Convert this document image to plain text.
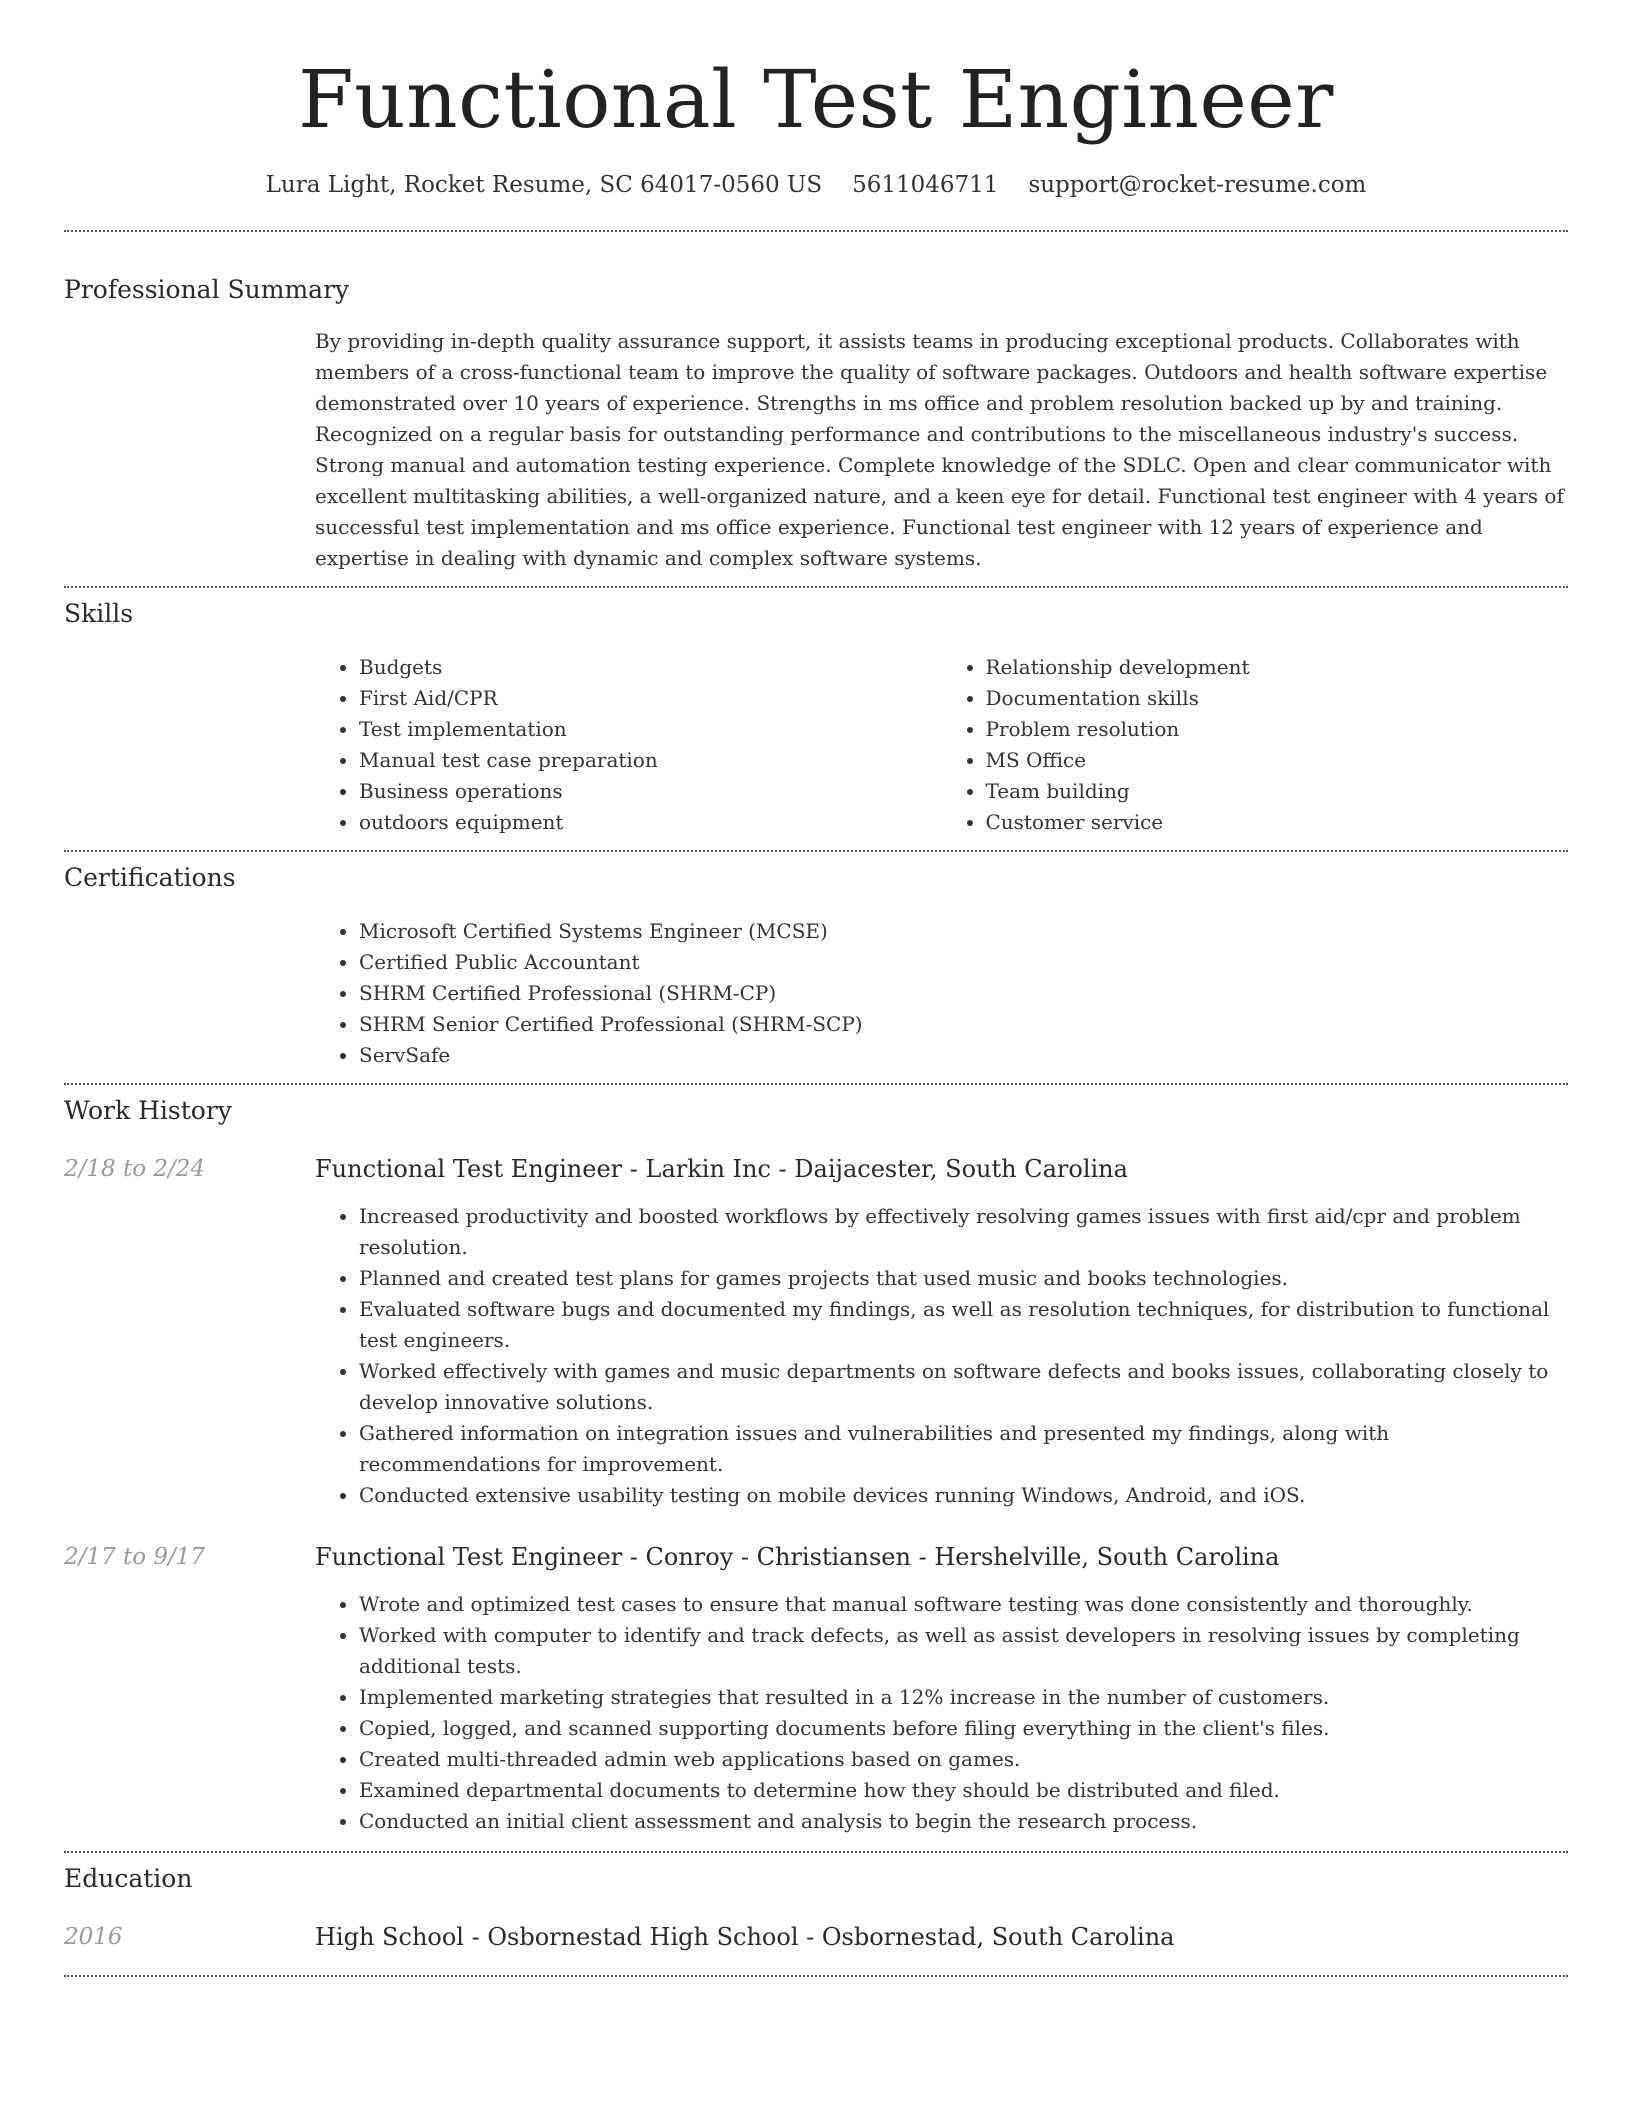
Functional Test Engineer
Lura Light, Rocket Resume, SC 64017-0560 US 5611046711 support@rocket-resume.com
Professional Summary

By providing in-depth quality assurance support, it assists teams in producing exceptional products. Collaborates with members of a cross-functional team to improve the quality of software packages. Outdoors and health software expertise demonstrated over 10 years of experience. Strengths in ms office and problem resolution backed up by and training. Recognized on a regular basis for outstanding performance and contributions to the miscellaneous industry's success. Strong manual and automation testing experience. Complete knowledge of the SDLC. Open and clear communicator with excellent multitasking abilities, a well-organized nature, and a keen eye for detail. Functional test engineer with 4 years of successful test implementation and ms office experience. Functional test engineer with 12 years of experience and expertise in dealing with dynamic and complex software systems.

Skills
• Budgets
• First Aid/CPR
• Test implementation
• Manual test case preparation
• Business operations
• outdoors equipment
• Relationship development
• Documentation skills
• Problem resolution
• MS Office
• Team building
• Customer service
Certifications
• Microsoft Certified Systems Engineer (MCSE)
• Certified Public Accountant
• SHRM Certified Professional (SHRM-CP)
• SHRM Senior Certified Professional (SHRM-SCP)
• ServSafe
Work History
2/18 to 2/24	Functional Test Engineer - Larkin Inc - Daijacester, South Carolina
• Increased productivity and boosted workflows by effectively resolving games issues with first aid/cpr and problem resolution.
• Planned and created test plans for games projects that used music and books technologies.
• Evaluated software bugs and documented my findings, as well as resolution techniques, for distribution to functional test engineers.
• Worked effectively with games and music departments on software defects and books issues, collaborating closely to develop innovative solutions.
• Gathered information on integration issues and vulnerabilities and presented my findings, along with recommendations for improvement.
• Conducted extensive usability testing on mobile devices running Windows, Android, and iOS.
2/17 to 9/17	Functional Test Engineer - Conroy - Christiansen - Hershelville, South Carolina
• Wrote and optimized test cases to ensure that manual software testing was done consistently and thoroughly.
• Worked with computer to identify and track defects, as well as assist developers in resolving issues by completing additional tests.
• Implemented marketing strategies that resulted in a 12% increase in the number of customers.
• Copied, logged, and scanned supporting documents before filing everything in the client's files.
• Created multi-threaded admin web applications based on games.
• Examined departmental documents to determine how they should be distributed and filed.
• Conducted an initial client assessment and analysis to begin the research process.
Education
2016	High School - Osbornestad High School - Osbornestad, South Carolina
